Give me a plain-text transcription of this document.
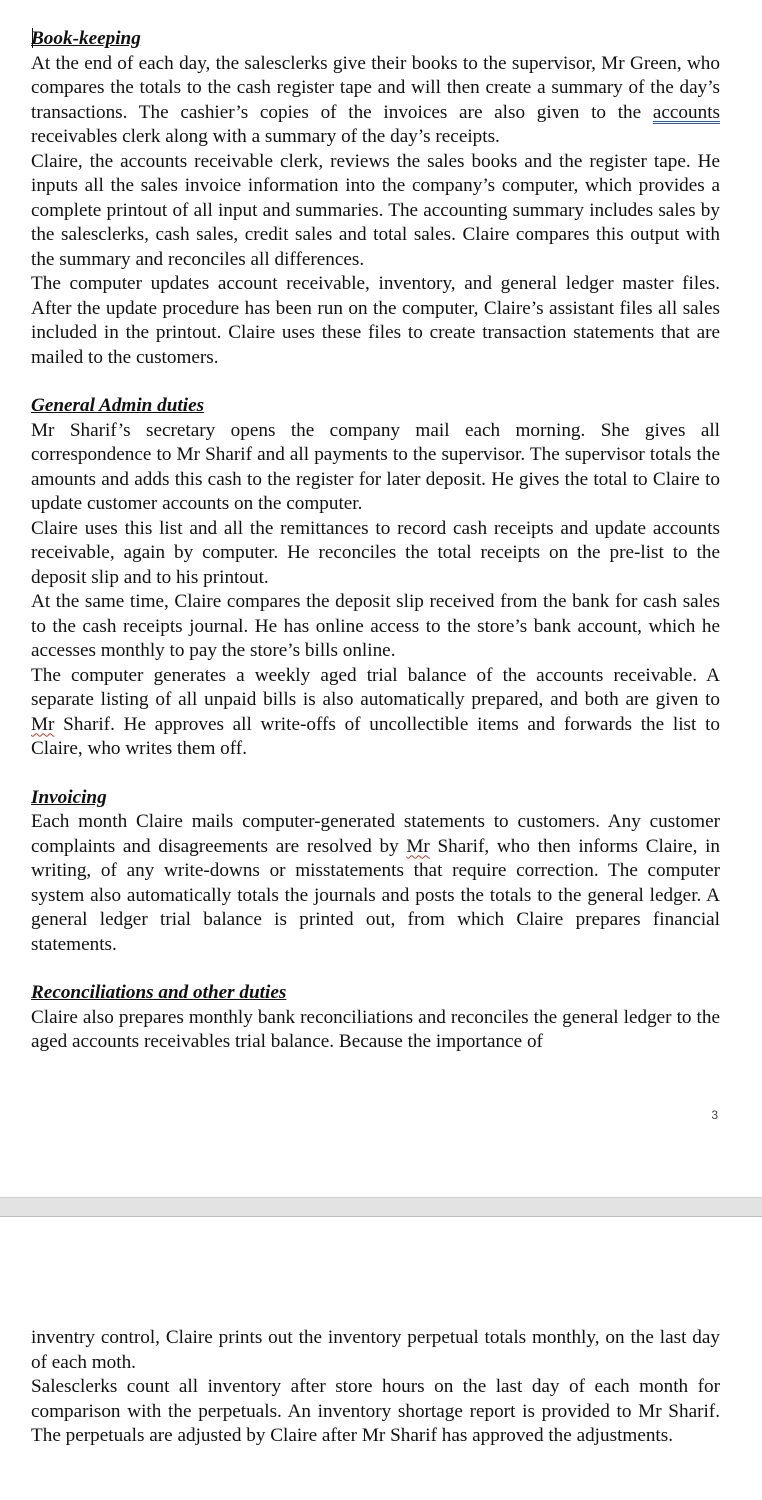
Book-keeping

At the end of each day, the salesclerks give their books to the supervisor, Mr Green, who compares the totals to the cash register tape and will then create a summary of the day’s transactions. The cashier’s copies of the invoices are also given to the accounts receivables clerk along with a summary of the day’s receipts.

Claire, the accounts receivable clerk, reviews the sales books and the register tape. He inputs all the sales invoice information into the company’s computer, which provides a complete printout of all input and summaries. The accounting summary includes sales by the salesclerks, cash sales, credit sales and total sales. Claire compares this output with the summary and reconciles all differences.

The computer updates account receivable, inventory, and general ledger master files. After the update procedure has been run on the computer, Claire’s assistant files all sales included in the printout. Claire uses these files to create transaction statements that are mailed to the customers.

General Admin duties

Mr Sharif’s secretary opens the company mail each morning. She gives all correspondence to Mr Sharif and all payments to the supervisor. The supervisor totals the amounts and adds this cash to the register for later deposit. He gives the total to Claire to update customer accounts on the computer.

Claire uses this list and all the remittances to record cash receipts and update accounts receivable, again by computer. He reconciles the total receipts on the pre-list to the deposit slip and to his printout.

At the same time, Claire compares the deposit slip received from the bank for cash sales to the cash receipts journal. He has online access to the store’s bank account, which he accesses monthly to pay the store’s bills online.

The computer generates a weekly aged trial balance of the accounts receivable. A separate listing of all unpaid bills is also automatically prepared, and both are given to Mr Sharif. He approves all write-offs of uncollectible items and forwards the list to Claire, who writes them off.

Invoicing

Each month Claire mails computer-generated statements to customers. Any customer complaints and disagreements are resolved by Mr Sharif, who then informs Claire, in writing, of any write-downs or misstatements that require correction. The computer system also automatically totals the journals and posts the totals to the general ledger. A general ledger trial balance is printed out, from which Claire prepares financial statements.

Reconciliations and other duties

Claire also prepares monthly bank reconciliations and reconciles the general ledger to the aged accounts receivables trial balance. Because the importance of

3

inventry control, Claire prints out the inventory perpetual totals monthly, on the last day of each moth.

Salesclerks count all inventory after store hours on the last day of each month for comparison with the perpetuals. An inventory shortage report is provided to Mr Sharif. The perpetuals are adjusted by Claire after Mr Sharif has approved the adjustments.
